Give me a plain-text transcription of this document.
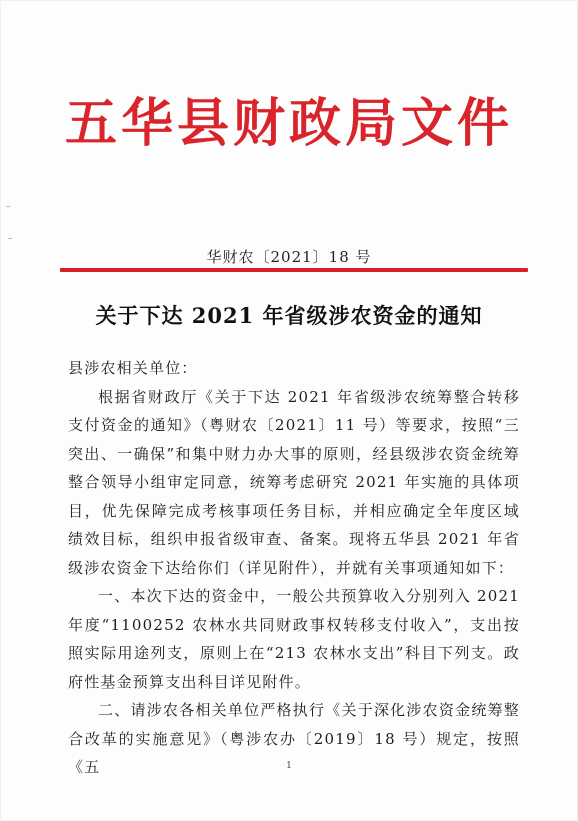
五华县财政局文件
华财农〔2021〕18 号
关于下达 2021 年省级涉农资金的通知

县涉农相关单位：

根据省财政厅《关于下达 2021 年省级涉农统筹整合转移支付资金的通知》（粤财农〔2021〕11 号）等要求，按照“三突出、一确保”和集中财力办大事的原则，经县级涉农资金统筹整合领导小组审定同意，统筹考虑研究 2021 年实施的具体项目，优先保障完成考核事项任务目标，并相应确定全年度区域绩效目标，组织申报省级审查、备案。现将五华县 2021 年省级涉农资金下达给你们（详见附件），并就有关事项通知如下：

一、本次下达的资金中，一般公共预算收入分别列入 2021 年度“1100252 农林水共同财政事权转移支付收入”，支出按照实际用途列支，原则上在“213 农林水支出”科目下列支。政府性基金预算支出科目详见附件。

二、请涉农各相关单位严格执行《关于深化涉农资金统筹整合改革的实施意见》（粤涉农办〔2019〕18 号）规定，按照《五	1
